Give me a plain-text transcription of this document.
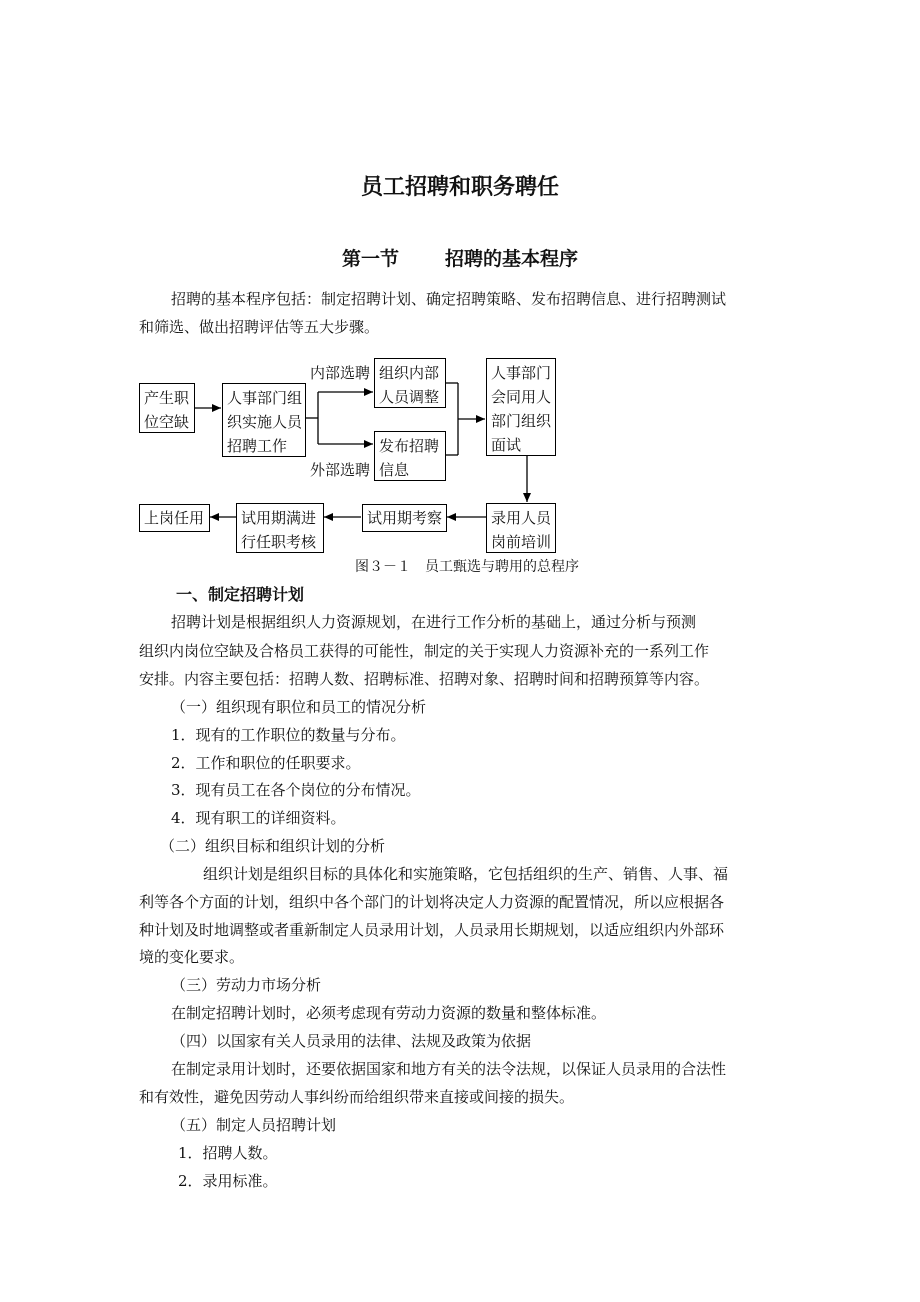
员工招聘和职务聘任
第一节 招聘的基本程序
招聘的基本程序包括：制定招聘计划、确定招聘策略、发布招聘信息、进行招聘测试
和筛选、做出招聘评估等五大步骤。
产生职
位空缺
人事部门组
织实施人员
招聘工作
组织内部
人员调整
发布招聘
信息
人事部门
会同用人
部门组织
面试
录用人员
岗前培训
试用期考察
试用期满进
行任职考核
上岗任用
内部选聘
外部选聘
图３－１　员工甄选与聘用的总程序
一、制定招聘计划
招聘计划是根据组织人力资源规划，在进行工作分析的基础上，通过分析与预测
组织内岗位空缺及合格员工获得的可能性，制定的关于实现人力资源补充的一系列工作
安排。内容主要包括：招聘人数、招聘标准、招聘对象、招聘时间和招聘预算等内容。
（一）组织现有职位和员工的情况分析
1．现有的工作职位的数量与分布。
2．工作和职位的任职要求。
3．现有员工在各个岗位的分布情况。
4．现有职工的详细资料。
（二）组织目标和组织计划的分析
组织计划是组织目标的具体化和实施策略，它包括组织的生产、销售、人事、福
利等各个方面的计划，组织中各个部门的计划将决定人力资源的配置情况，所以应根据各
种计划及时地调整或者重新制定人员录用计划，人员录用长期规划，以适应组织内外部环
境的变化要求。
（三）劳动力市场分析
在制定招聘计划时，必须考虑现有劳动力资源的数量和整体标准。
（四）以国家有关人员录用的法律、法规及政策为依据
在制定录用计划时，还要依据国家和地方有关的法令法规，以保证人员录用的合法性
和有效性，避免因劳动人事纠纷而给组织带来直接或间接的损失。
（五）制定人员招聘计划
1．招聘人数。
2．录用标准。
